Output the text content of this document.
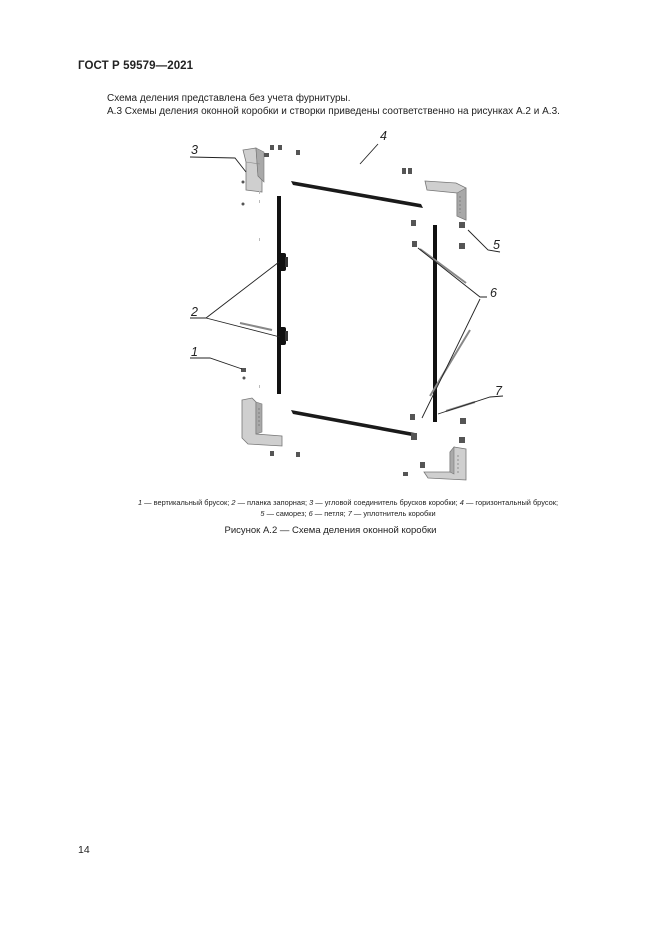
ГОСТ Р 59579—2021
Схема деления представлена без учета фурнитуры.
А.3 Схемы деления оконной коробки и створки приведены соответственно на рисунках А.2 и А.3.
3
4
5
6
2
1
7
1 — вертикальный брусок; 2 — планка запорная; 3 — угловой соединитель брусков коробки; 4 — горизонтальный брусок;
5 — саморез; 6 — петля; 7 — уплотнитель коробки
Рисунок А.2 — Схема деления оконной коробки
14
